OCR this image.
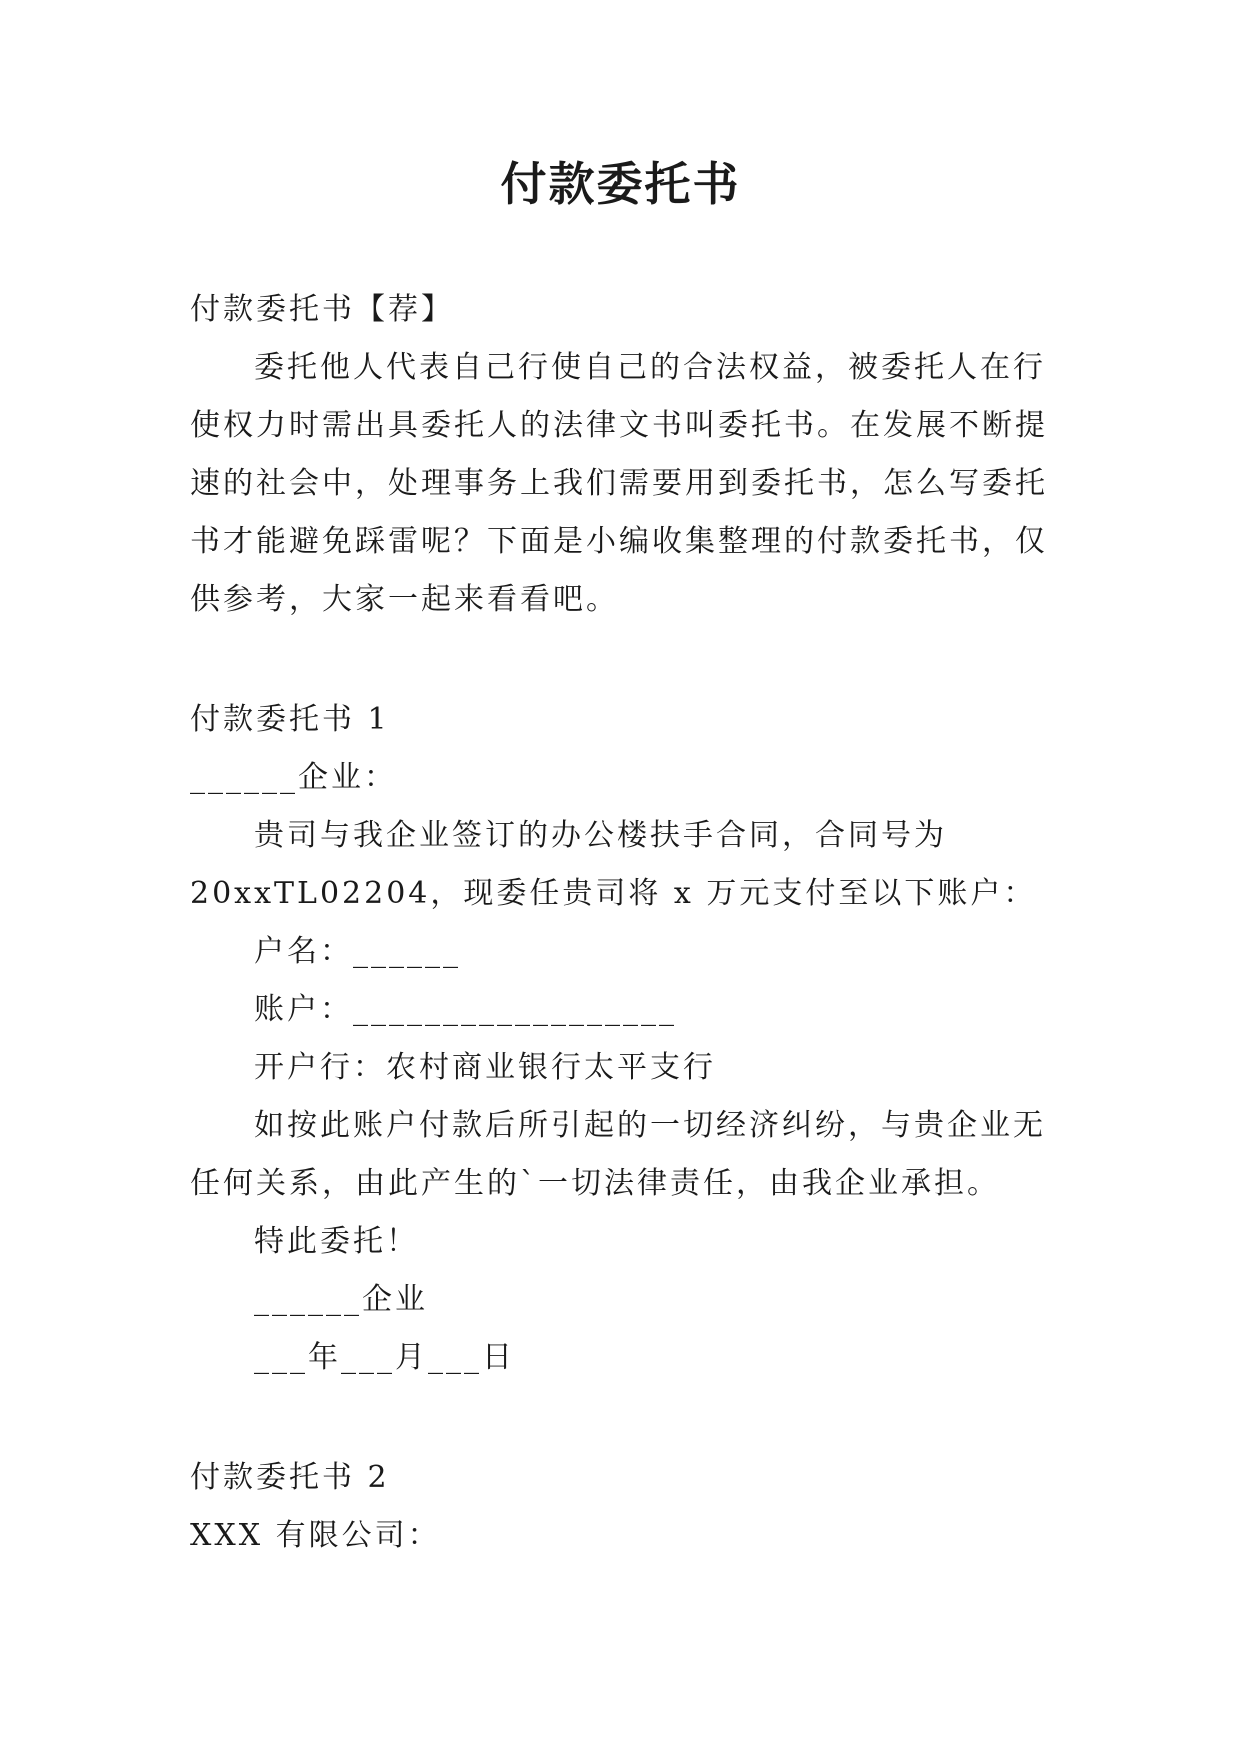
付款委托书
付款委托书【荐】
委托他人代表自己行使自己的合法权益，被委托人在行
使权力时需出具委托人的法律文书叫委托书。在发展不断提
速的社会中，处理事务上我们需要用到委托书，怎么写委托
书才能避免踩雷呢？下面是小编收集整理的付款委托书，仅
供参考，大家一起来看看吧。
付款委托书 1
______企业：
贵司与我企业签订的办公楼扶手合同，合同号为
20xxTL02204，现委任贵司将 x 万元支付至以下账户：
户名：______
账户：__________________
开户行：农村商业银行太平支行
如按此账户付款后所引起的一切经济纠纷，与贵企业无
任何关系，由此产生的`一切法律责任，由我企业承担。
特此委托！
______企业
___年___月___日
付款委托书 2
XXX 有限公司：
